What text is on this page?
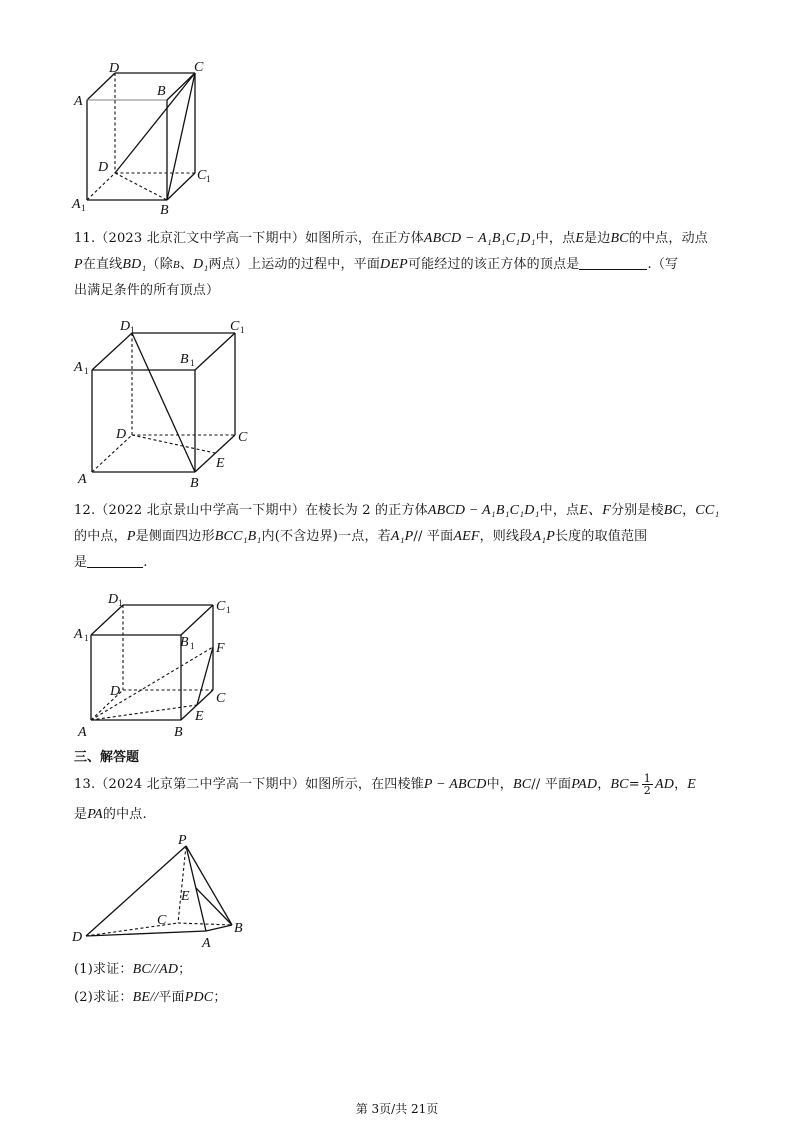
D	C
A
B
D
C 1
A 1	B
11.（2023 北京汇文中学高一下期中）如图所示，在正方体ABCD − A₁B₁C₁D₁中，点E是边BC的中点，动点
P在直线BD₁（除B、D₁两点）上运动的过程中，平面DEP可能经过的该正方体的顶点是	.（写
出满足条件的所有顶点）
D 1	C 1
A 1
B 1
D	C
A	B
E
12.（2022 北京景山中学高一下期中）在棱长为 2 的正方体ABCD − A₁B₁C₁D₁中，点E、F分别是棱BC，CC₁
的中点，P是侧面四边形BCC₁B₁内(不含边界)一点，若A₁P// 平面AEF，则线段A₁P长度的取值范围
是	.
D 1	C 1
A 1	B 1 F
D	C
E
A	B
三、解答题
13.（2024 北京第二中学高一下期中）如图所示，在四棱锥P − ABCD中，BC// 平面PAD，$BC= \frac{1}{2}$ AD，E
是PA的中点.
P
E
C
D	A
B
(1)求证：BC//AD；
(2)求证：BE//平面PDC；
第 3页/共 21页
